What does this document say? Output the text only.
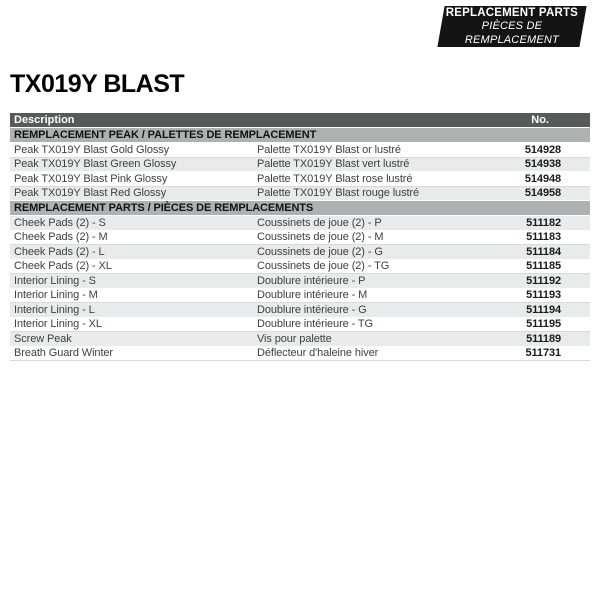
REPLACEMENT PARTS
PIÈCES DE REMPLACEMENT
TX019Y BLAST
Description	No.
REMPLACEMENT PEAK / PALETTES DE REMPLACEMENT
Peak TX019Y Blast Gold Glossy	Palette TX019Y Blast or lustré	514928
Peak TX019Y Blast Green Glossy	Palette TX019Y Blast vert lustré	514938
Peak TX019Y Blast Pink Glossy	Palette TX019Y Blast rose lustré	514948
Peak TX019Y Blast Red Glossy	Palette TX019Y Blast rouge lustré	514958
REMPLACEMENT PARTS / PIÈCES DE REMPLACEMENTS
Cheek Pads (2) - S	Coussinets de joue (2) - P	511182
Cheek Pads (2) - M	Coussinets de joue (2) - M	511183
Cheek Pads (2) - L	Coussinets de joue (2) - G	511184
Cheek Pads (2) - XL	Coussinets de joue (2) - TG	511185
Interior Lining - S	Doublure intérieure - P	511192
Interior Lining - M	Doublure intérieure - M	511193
Interior Lining - L	Doublure intérieure - G	511194
Interior Lining - XL	Doublure intérieure - TG	511195
Screw Peak	Vis pour palette	511189
Breath Guard Winter	Déflecteur d'haleine hiver	511731
